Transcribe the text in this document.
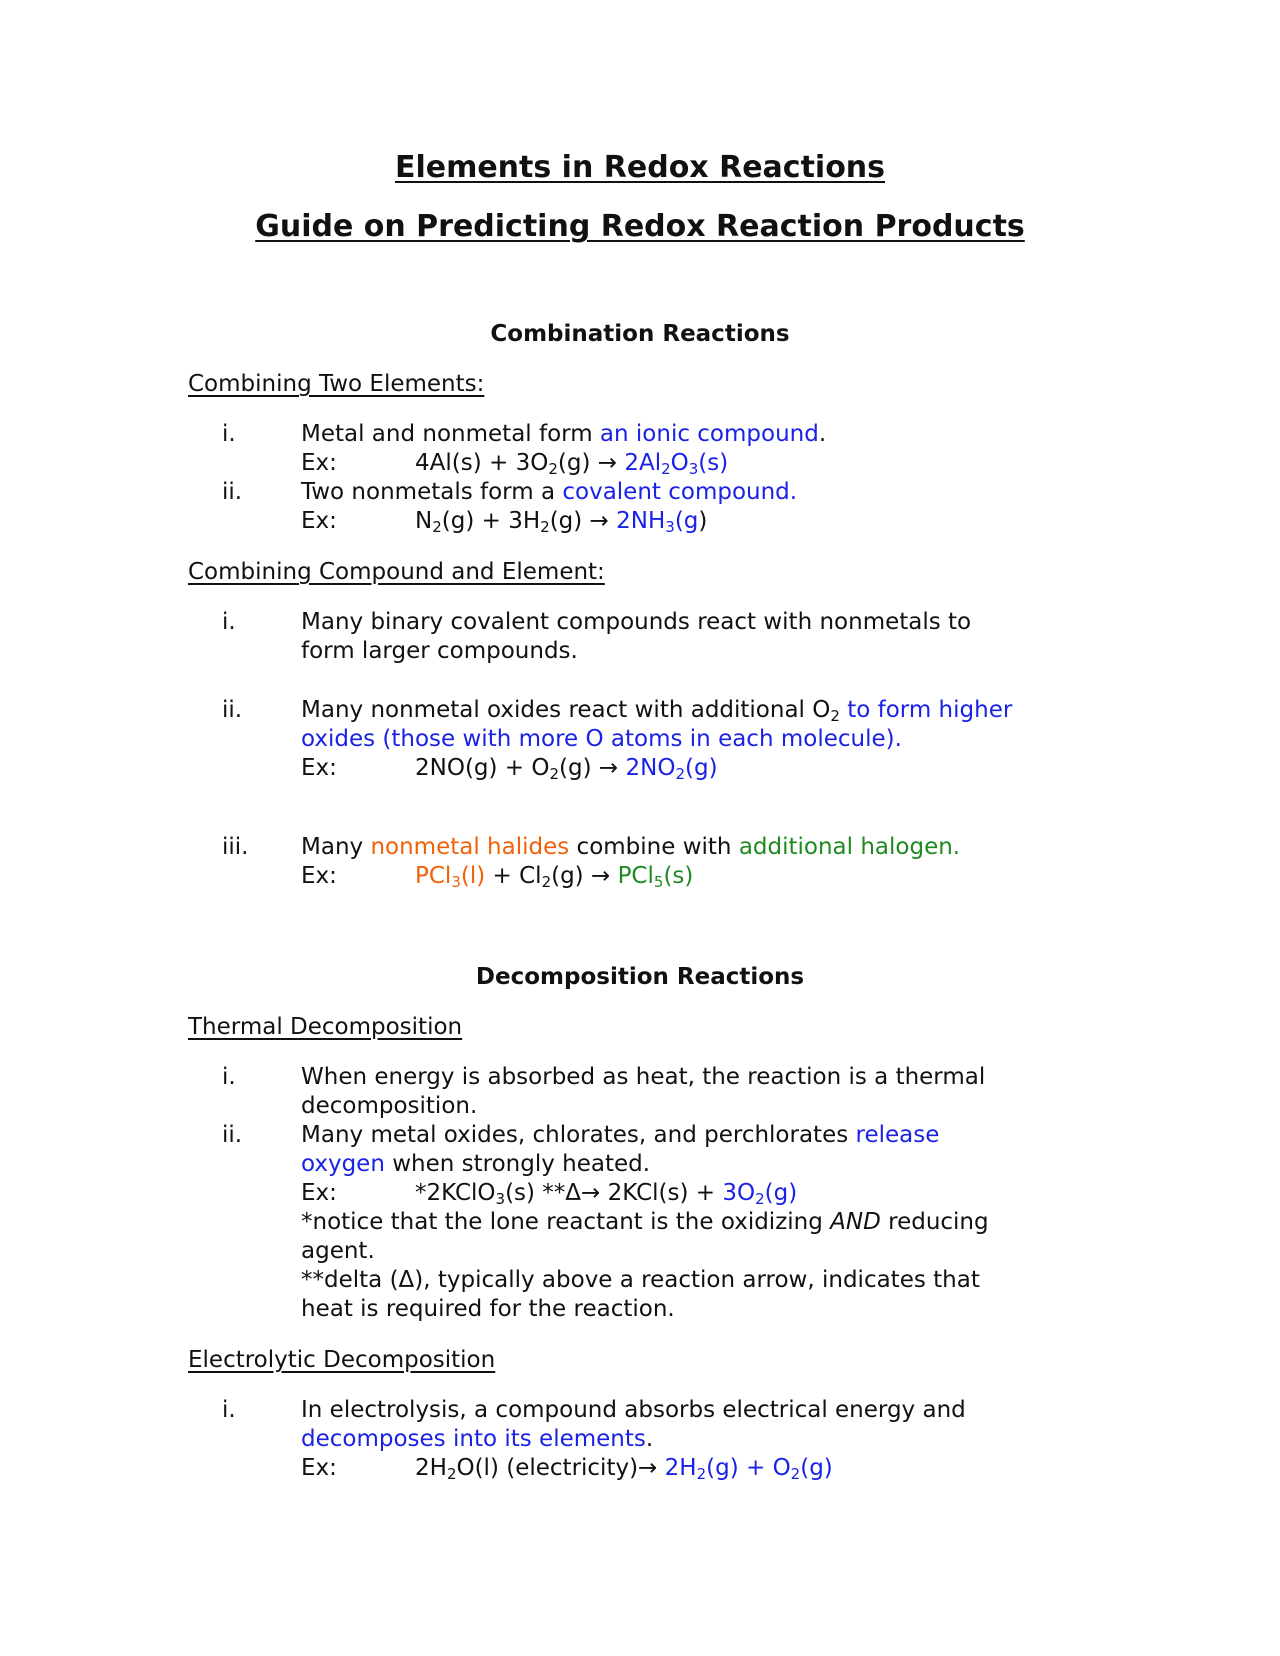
Elements in Redox Reactions
Guide on Predicting Redox Reaction Products
Combination Reactions
Combining Two Elements:
i.	Metal and nonmetal form an ionic compound.
Ex:	$4Al(s) + 3O_2(g) \to 2Al_2O_3(s)$
ii.	Two nonmetals form a covalent compound.
Ex:	$N_2(g) + 3H_2(g) \to 2NH_3(g)$
Combining Compound and Element:
i.	Many binary covalent compounds react with nonmetals to
form larger compounds.
ii.	Many nonmetal oxides react with additional $O_2$ to form higher
oxides (those with more O atoms in each molecule).
Ex:	$2NO(g) + O_2(g) \to 2NO_2(g)$
iii. Many nonmetal halides combine with additional halogen.
Ex:	$PCl_3(l) + Cl_2(g) \to PCl_5(s)$
Decomposition Reactions
Thermal Decomposition
i.	When energy is absorbed as heat, the reaction is a thermal
decomposition.
ii.	Many metal oxides, chlorates, and perchlorates release
oxygen when strongly heated.
Ex:	*2KClO$_3$(s) $**\Delta\to 2KCl(s) + 3O_2(g)$
*notice that the lone reactant is the oxidizing AND reducing
agent.
**delta (Δ), typically above a reaction arrow, indicates that
heat is required for the reaction.
Electrolytic Decomposition
i.	In electrolysis, a compound absorbs electrical energy and
decomposes into its elements.
Ex:	$2H_2O(l)$ (electricity)→ $2H_2(g) + O_2(g)$
